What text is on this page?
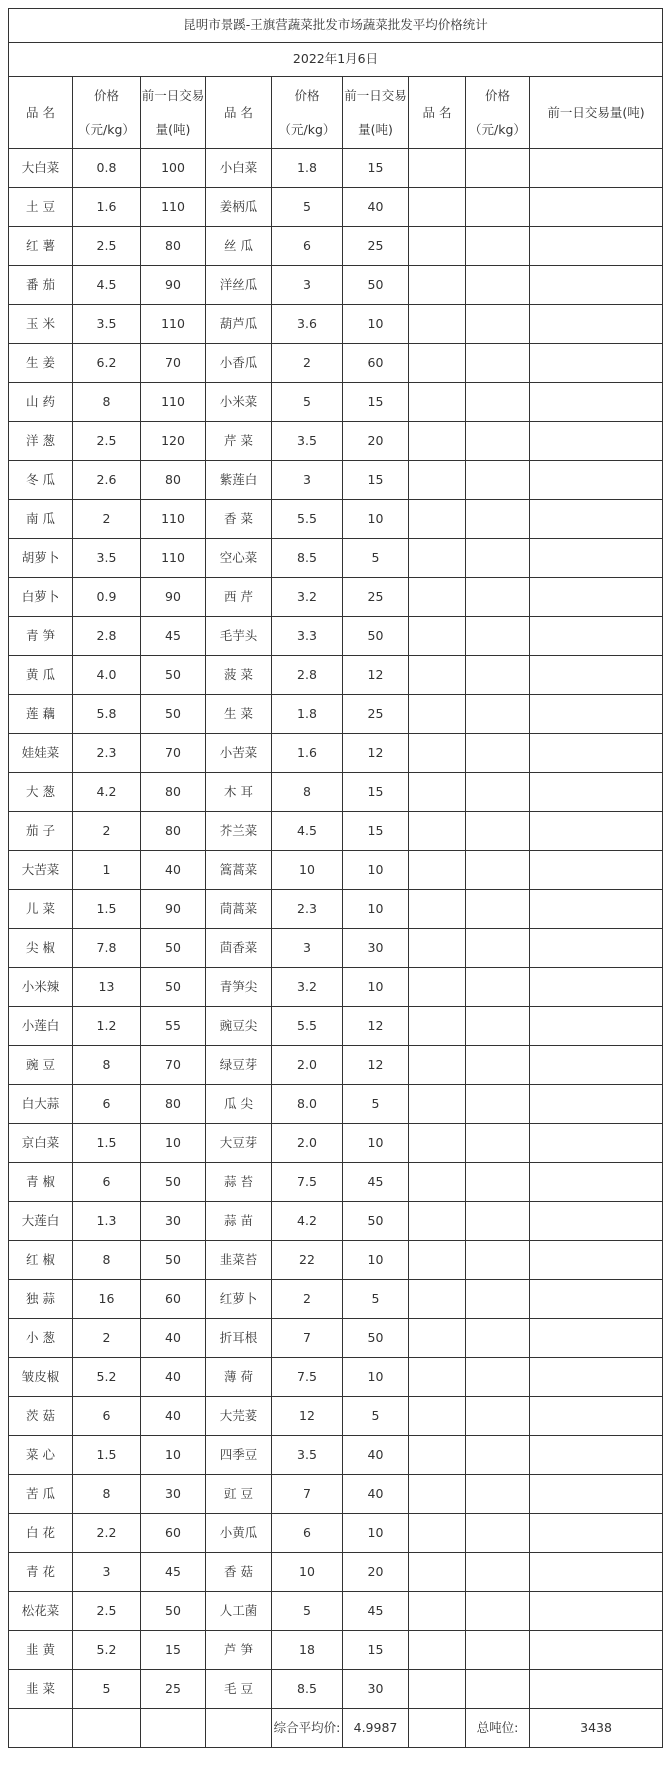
昆明市景蹊-王旗营蔬菜批发市场蔬菜批发平均价格统计								
2022年1月6日								
品 名	价格（元/kg）	前一日交易量(吨)	品 名	价格（元/kg）	前一日交易量(吨)	品 名	价格（元/kg）	前一日交易量(吨)
大白菜	0.8	100	小白菜	1.8	15			
土 豆	1.6	110	姜柄瓜	5	40			
红 薯	2.5	80	丝 瓜	6	25			
番 茄	4.5	90	洋丝瓜	3	50			
玉 米	3.5	110	葫芦瓜	3.6	10			
生 姜	6.2	70	小香瓜	2	60			
山 药	8	110	小米菜	5	15			
洋 葱	2.5	120	芹 菜	3.5	20			
冬 瓜	2.6	80	紫莲白	3	15			
南 瓜	2	110	香 菜	5.5	10			
胡萝卜	3.5	110	空心菜	8.5	5			
白萝卜	0.9	90	西 芹	3.2	25			
青 笋	2.8	45	毛芋头	3.3	50			
黄 瓜	4.0	50	菠 菜	2.8	12			
莲 藕	5.8	50	生 菜	1.8	25			
娃娃菜	2.3	70	小苦菜	1.6	12			
大 葱	4.2	80	木 耳	8	15			
茄 子	2	80	芥兰菜	4.5	15			
大苦菜	1	40	篙蒿菜	10	10			
儿 菜	1.5	90	茼蒿菜	2.3	10			
尖 椒	7.8	50	茴香菜	3	30			
小米辣	13	50	青笋尖	3.2	10			
小莲白	1.2	55	豌豆尖	5.5	12			
豌 豆	8	70	绿豆芽	2.0	12			
白大蒜	6	80	瓜 尖	8.0	5			
京白菜	1.5	10	大豆芽	2.0	10			
青 椒	6	50	蒜 苔	7.5	45			
大莲白	1.3	30	蒜 苗	4.2	50			
红 椒	8	50	韭菜苔	22	10			
独 蒜	16	60	红萝卜	2	5			
小 葱	2	40	折耳根	7	50			
皱皮椒	5.2	40	薄 荷	7.5	10			
茨 菇	6	40	大芫荽	12	5			
菜 心	1.5	10	四季豆	3.5	40			
苦 瓜	8	30	豇 豆	7	40			
白 花	2.2	60	小黄瓜	6	10			
青 花	3	45	香 菇	10	20			
松花菜	2.5	50	人工菌	5	45			
韭 黄	5.2	15	芦 笋	18	15			
韭 菜	5	25	毛 豆	8.5	30			
				综合平均价:	4.9987		总吨位:	3438
